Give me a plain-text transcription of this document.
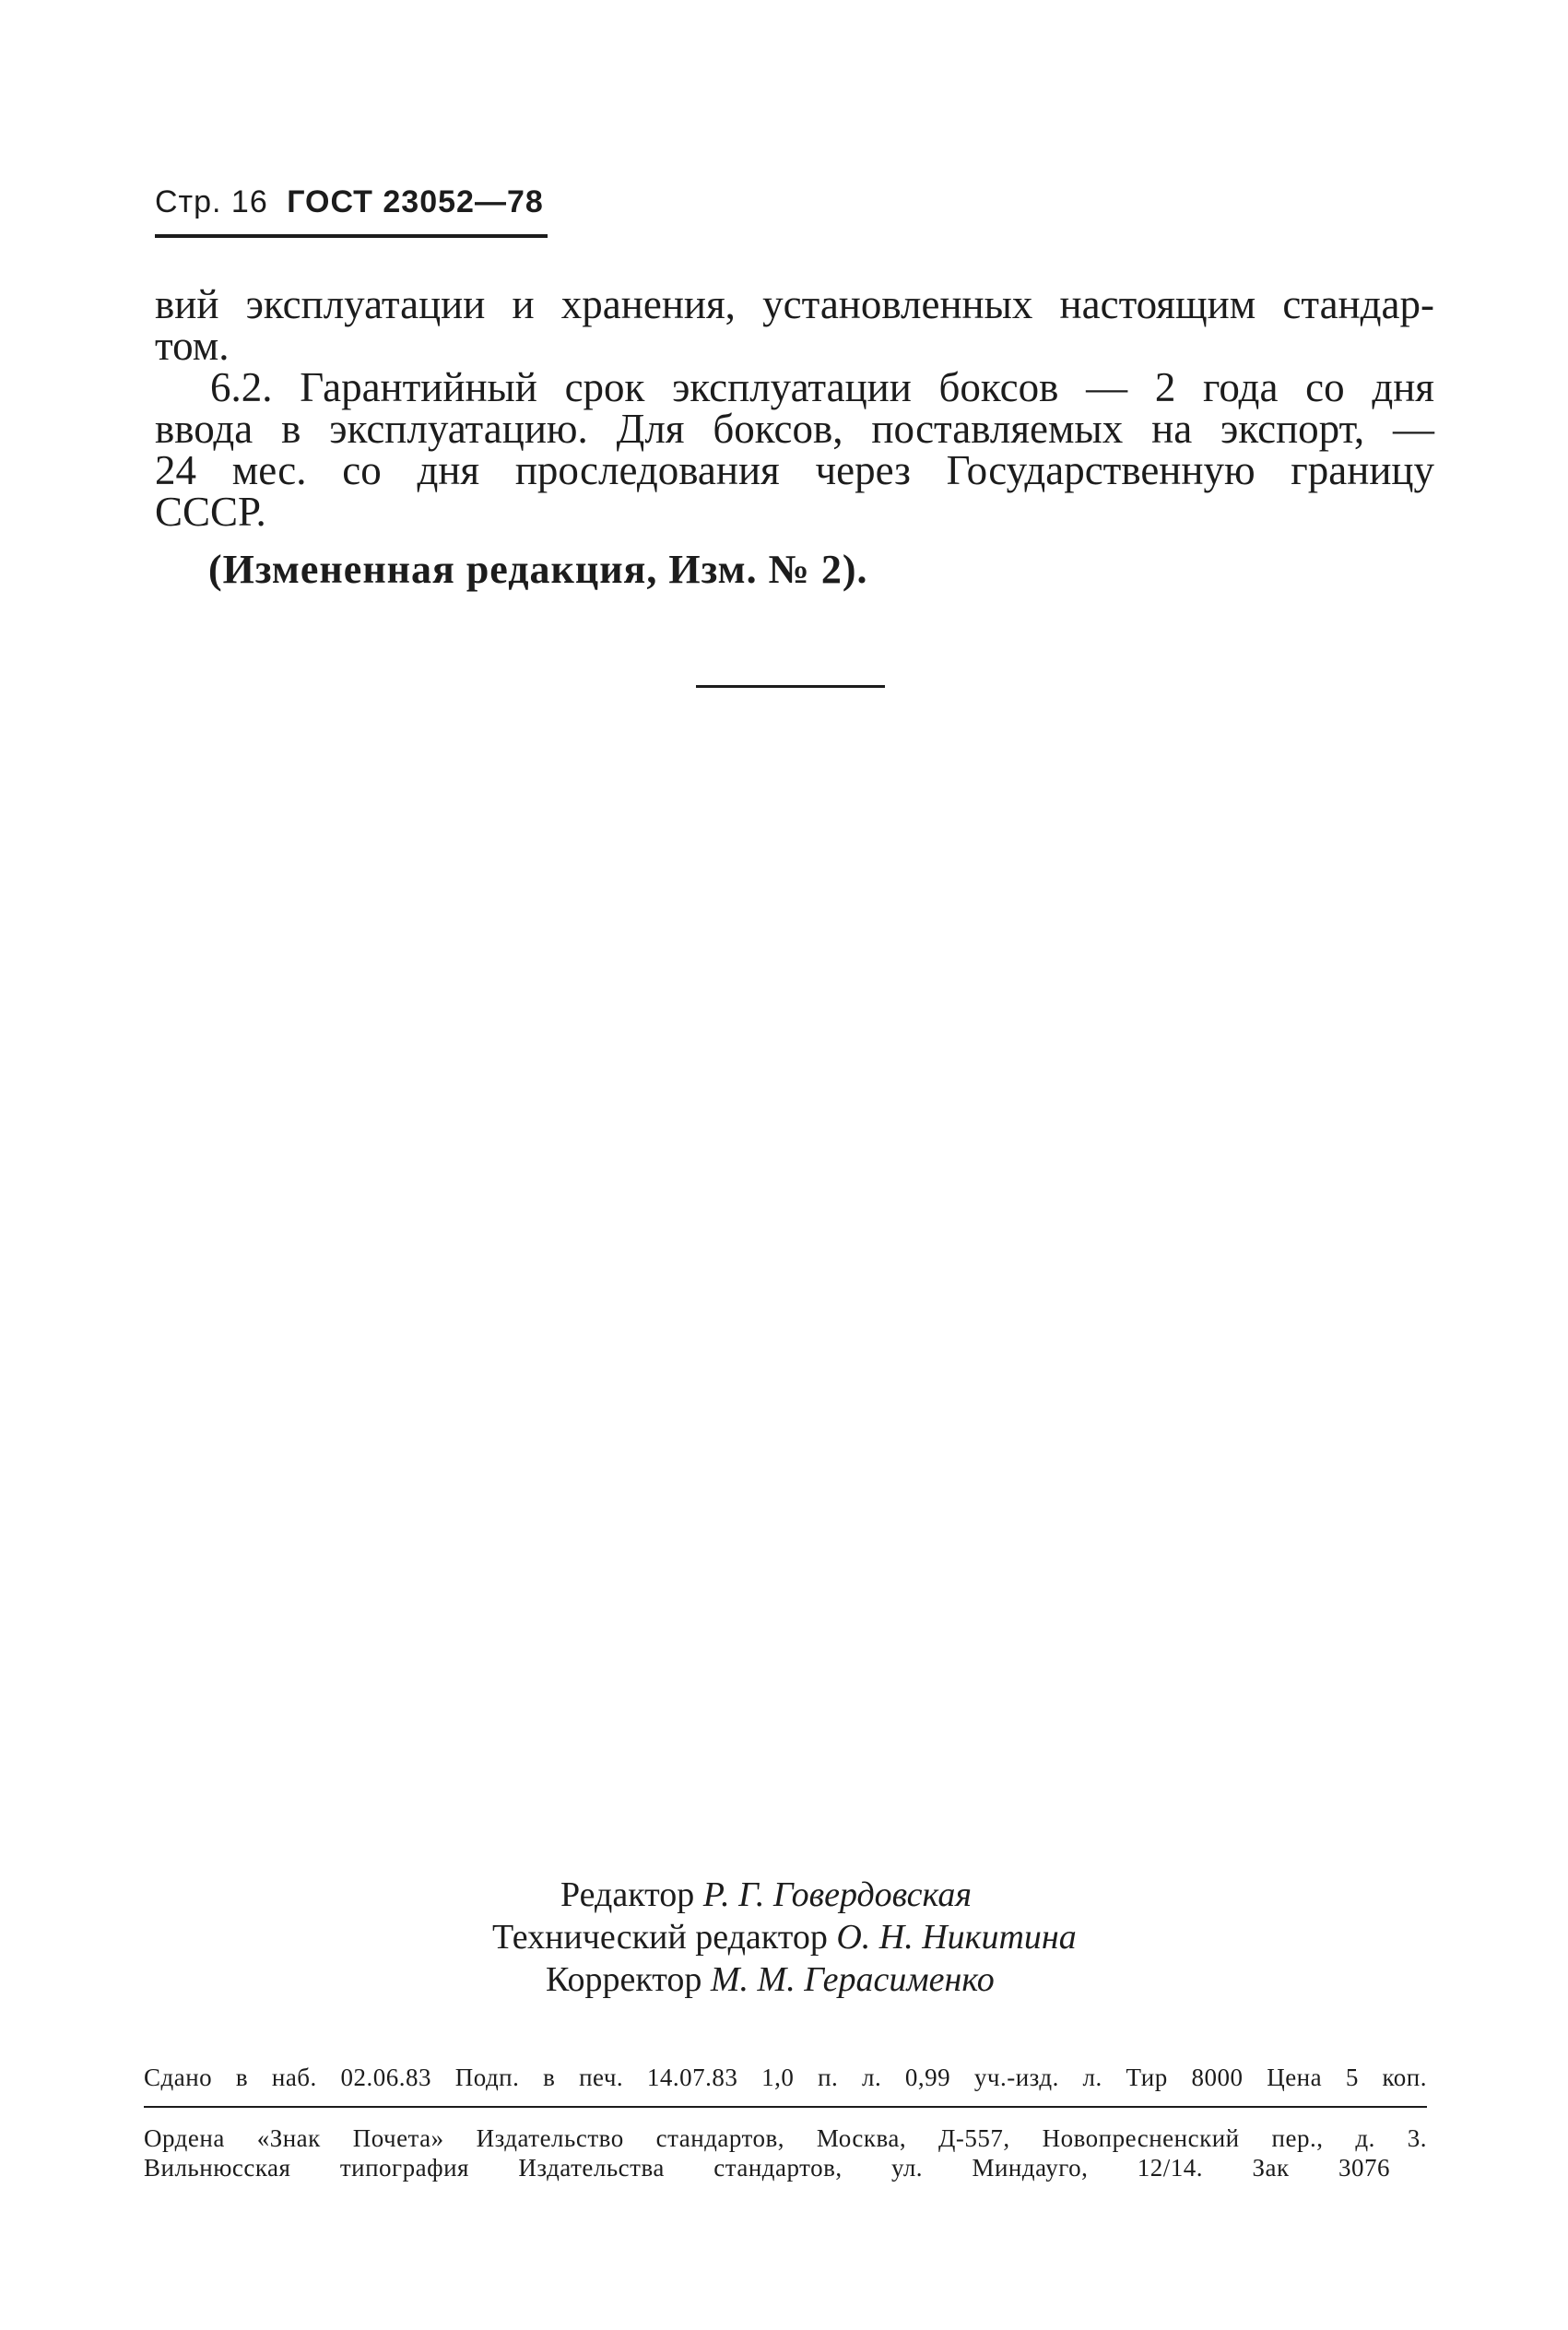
Стр. 16 ГОСТ 23052—78
вий эксплуатации и хранения, установленных настоящим стандар-
том.
6.2. Гарантийный срок эксплуатации боксов — 2 года со дня
ввода в эксплуатацию. Для боксов, поставляемых на экспорт, —
24 мес. со дня проследования через Государственную границу
СССР.
(Измененная редакция, Изм. № 2).
Редактор Р. Г. Говердовская
Технический редактор О. Н. Никитина
Корректор М. М. Герасименко
Сдано в наб. 02.06.83 Подп. в печ. 14.07.83 1,0 п. л. 0,99 уч.-изд. л. Тир 8000 Цена 5 коп.
Ордена «Знак Почета» Издательство стандартов, Москва, Д-557, Новопресненский пер., д. 3.
Вильнюсская типография Издательства стандартов, ул. Миндауго, 12/14. Зак 3076
